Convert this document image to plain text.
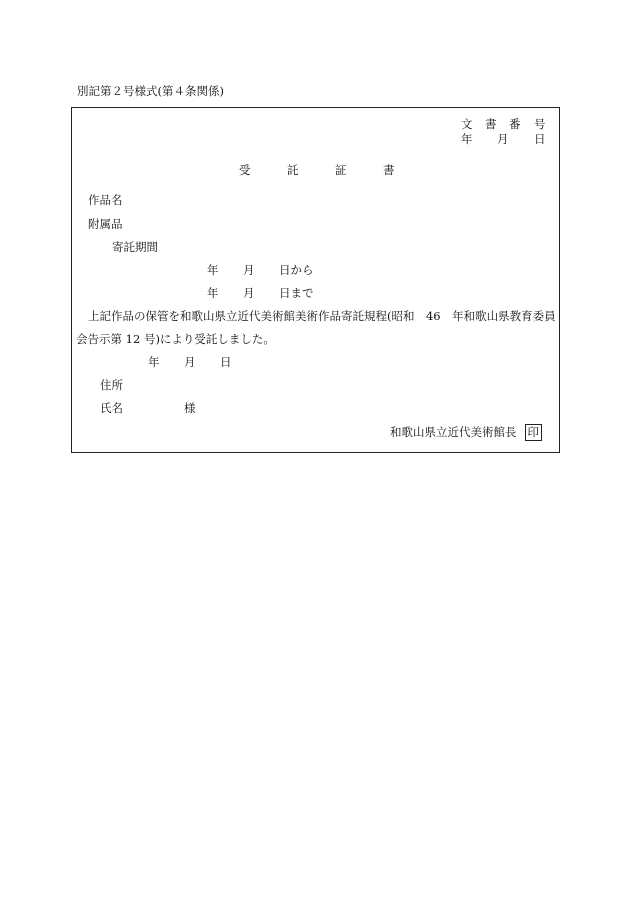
別記第２号様式(第４条関係)
文 書 番 号
年 月 日
受	託	証	書
作品名
附属品
寄託期間
年 月 日から
年 月 日まで
上記作品の保管を和歌山県立近代美術館美術作品寄託規程(昭和　46　年和歌山県教育委員
会告示第 12 号)により受託しました。
年 月 日
住所
氏名	様
和歌山県立近代美術館長 印
